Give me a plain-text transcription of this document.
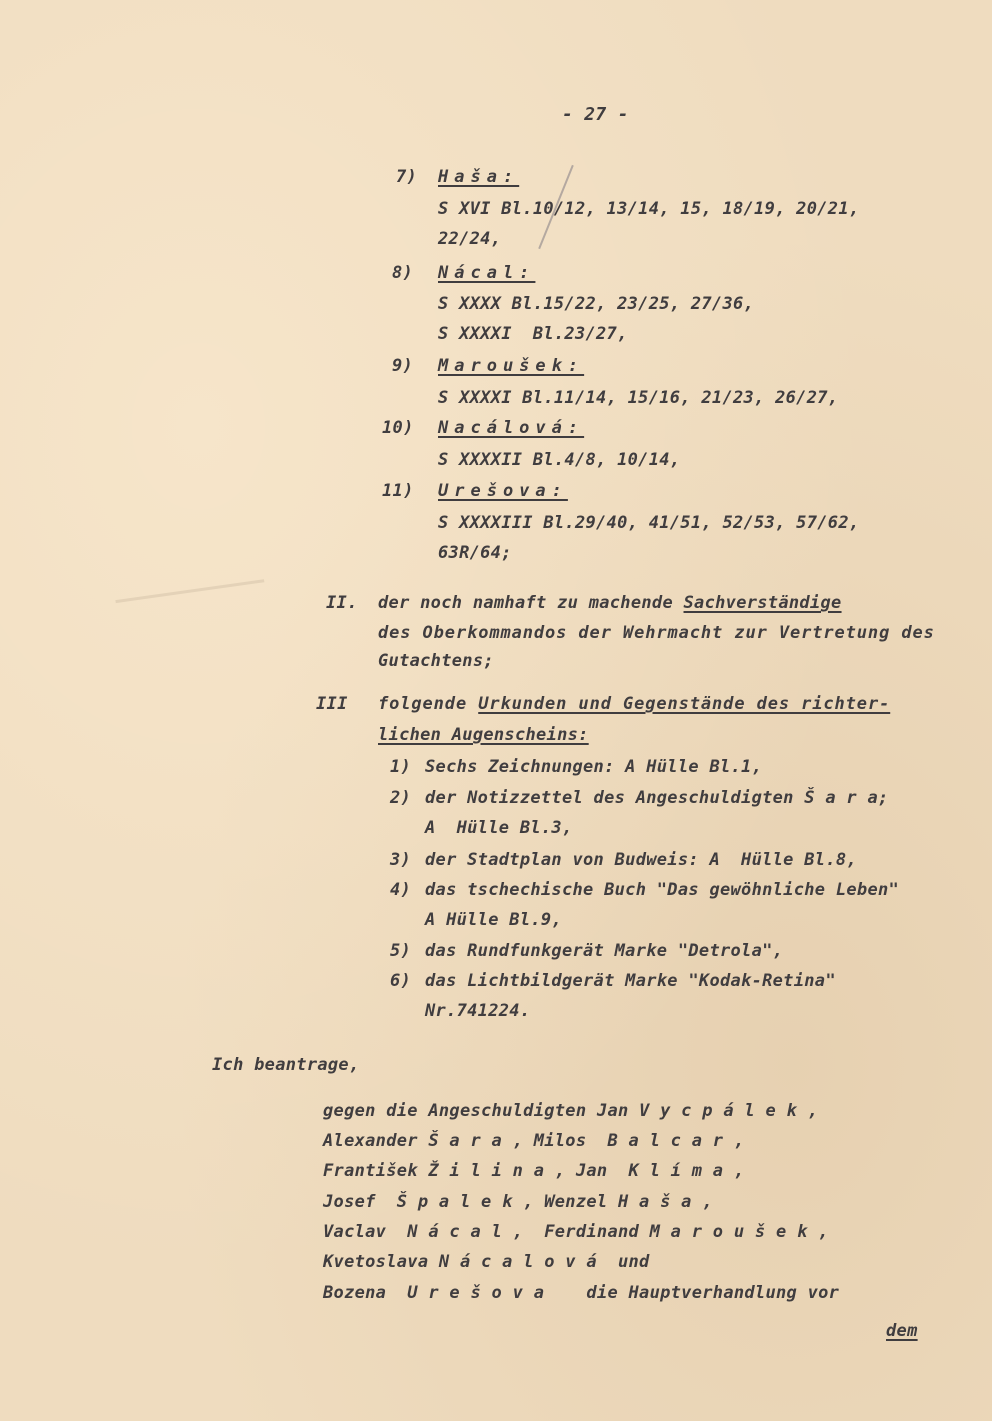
- 27 -
7) Haša:
S XVI Bl.10/12, 13/14, 15, 18/19, 20/21,
22/24,
8) Nácal:
S XXXX Bl.15/22, 23/25, 27/36,
S XXXXI  Bl.23/27,
9) Maroušek:
S XXXXI Bl.11/14, 15/16, 21/23, 26/27,
10) Nacálová:
S XXXXII Bl.4/8, 10/14,
11) Urešova:
S XXXXIII Bl.29/40, 41/51, 52/53, 57/62,
63R/64;
II. der noch namhaft zu machende Sachverständige
des Oberkommandos der Wehrmacht zur Vertretung des
Gutachtens;
III folgende Urkunden und Gegenstände des richter-
lichen Augenscheins:
1) Sechs Zeichnungen: A Hülle Bl.1,
2) der Notizzettel des Angeschuldigten Š a r a;
A  Hülle Bl.3,
3) der Stadtplan von Budweis: A  Hülle Bl.8,
4) das tschechische Buch "Das gewöhnliche Leben"
A Hülle Bl.9,
5) das Rundfunkgerät Marke "Detrola",
6) das Lichtbildgerät Marke "Kodak-Retina"
Nr.741224.
Ich beantrage,
gegen die Angeschuldigten Jan V y c p á l e k ,
Alexander Š a r a , Milos  B a l c a r ,
František Ž i l i n a , Jan  K l í m a ,
Josef  Š p a l e k , Wenzel H a š a ,
Vaclav  N á c a l ,  Ferdinand M a r o u š e k ,
Kvetoslava N á c a l o v á  und
Bozena  U r e š o v a    die Hauptverhandlung vor
dem
